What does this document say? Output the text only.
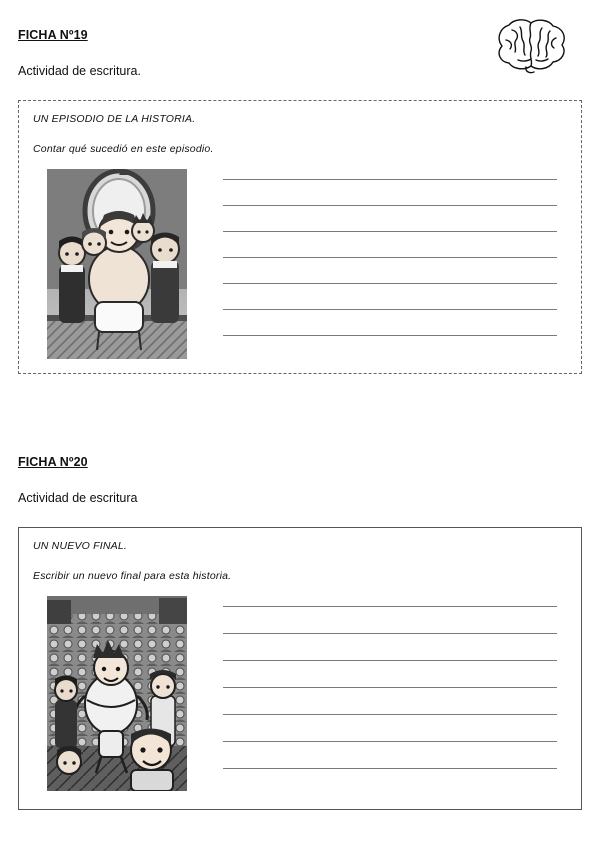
FICHA Nº19
Actividad de escritura.
UN EPISODIO DE LA HISTORIA.
Contar qué sucedió en este episodio.
FICHA Nº20
Actividad de escritura
UN NUEVO FINAL.
Escribir un nuevo final para esta historia.
